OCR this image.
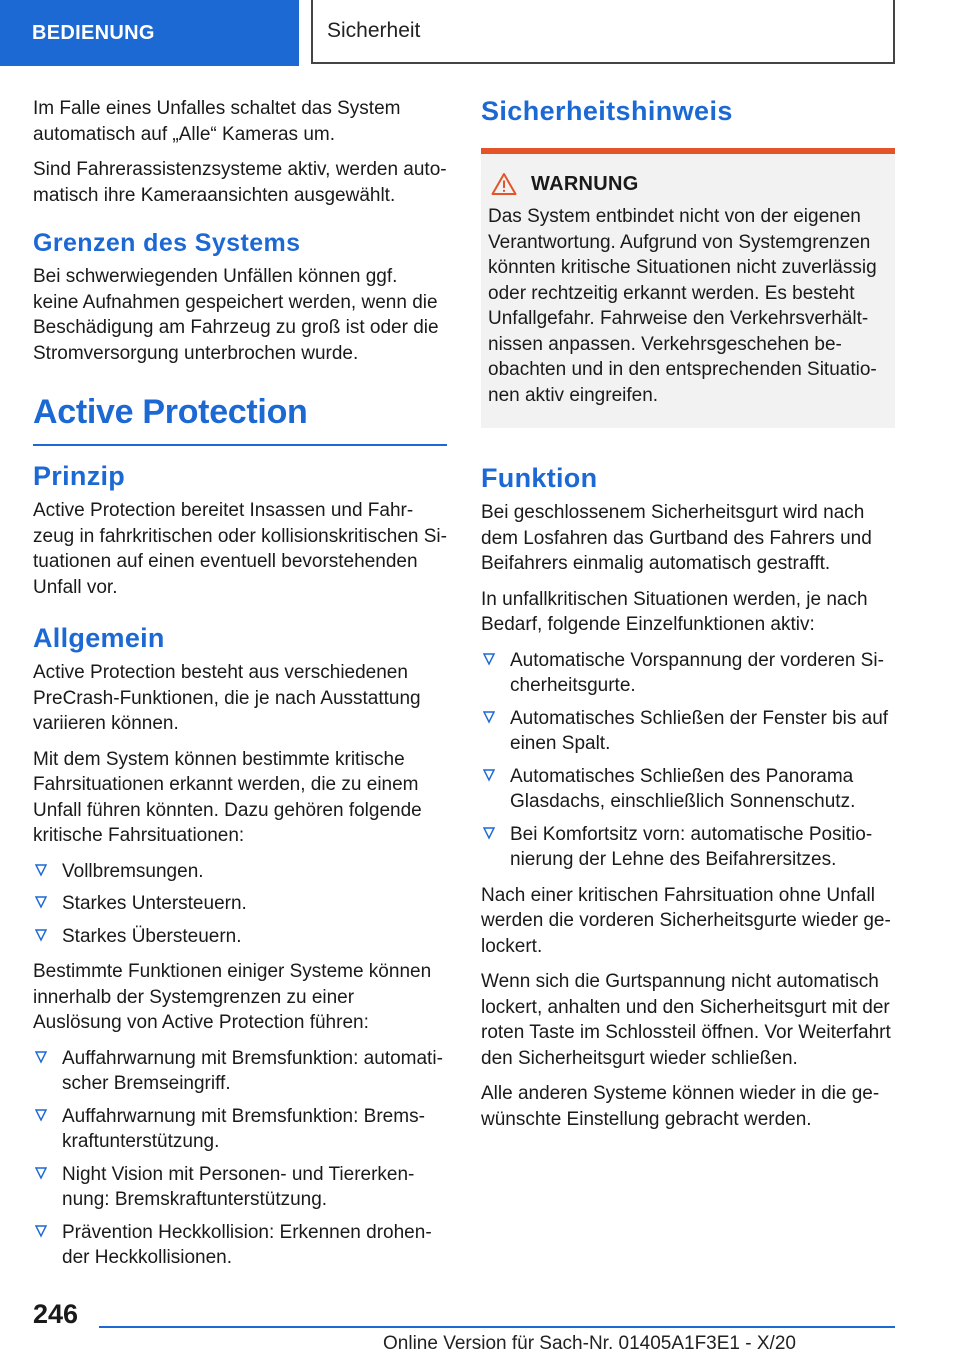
BEDIENUNG	Sicherheit

Im Falle eines Unfalles schaltet das System automatisch auf „Alle“ Kameras um.

Sind Fahrerassistenzsysteme aktiv, werden automatisch ihre Kameraansichten ausgewählt.

Grenzen des Systems

Bei schwerwiegenden Unfällen können ggf. keine Aufnahmen gespeichert werden, wenn die Beschädigung am Fahrzeug zu groß ist oder die Stromversorgung unterbrochen wurde.

Active Protection
Prinzip

Active Protection bereitet Insassen und Fahrzeug in fahrkritischen oder kollisionskritischen Situationen auf einen eventuell bevorstehenden Unfall vor.

Allgemein

Active Protection besteht aus verschiedenen PreCrash-Funktionen, die je nach Ausstattung variieren können.

Mit dem System können bestimmte kritische Fahrsituationen erkannt werden, die zu einem Unfall führen könnten. Dazu gehören folgende kritische Fahrsituationen:

Vollbremsungen.
Starkes Untersteuern.
Starkes Übersteuern.

Bestimmte Funktionen einiger Systeme können innerhalb der Systemgrenzen zu einer Auslösung von Active Protection führen:

Auffahrwarnung mit Bremsfunktion: automatischer Bremseingriff.
Auffahrwarnung mit Bremsfunktion: Bremskraftunterstützung.
Night Vision mit Personen- und Tiererkennung: Bremskraftunterstützung.
Prävention Heckkollision: Erkennen drohender Heckkollisionen.
Sicherheitshinweis
WARNUNG

Das System entbindet nicht von der eigenen Verantwortung. Aufgrund von Systemgrenzen könnten kritische Situationen nicht zuverlässig oder rechtzeitig erkannt werden. Es besteht Unfallgefahr. Fahrweise den Verkehrsverhältnissen anpassen. Verkehrsgeschehen beobachten und in den entsprechenden Situationen aktiv eingreifen.

Funktion

Bei geschlossenem Sicherheitsgurt wird nach dem Losfahren das Gurtband des Fahrers und Beifahrers einmalig automatisch gestrafft.

In unfallkritischen Situationen werden, je nach Bedarf, folgende Einzelfunktionen aktiv:

Automatische Vorspannung der vorderen Sicherheitsgurte.
Automatisches Schließen der Fenster bis auf einen Spalt.
Automatisches Schließen des Panorama Glasdachs, einschließlich Sonnenschutz.
Bei Komfortsitz vorn: automatische Positionierung der Lehne des Beifahrersitzes.

Nach einer kritischen Fahrsituation ohne Unfall werden die vorderen Sicherheitsgurte wieder gelockert.

Wenn sich die Gurtspannung nicht automatisch lockert, anhalten und den Sicherheitsgurt mit der roten Taste im Schlossteil öffnen. Vor Weiterfahrt den Sicherheitsgurt wieder schließen.

Alle anderen Systeme können wieder in die gewünschte Einstellung gebracht werden.

246
Online Version für Sach-Nr. 01405A1F3E1 - X/20
